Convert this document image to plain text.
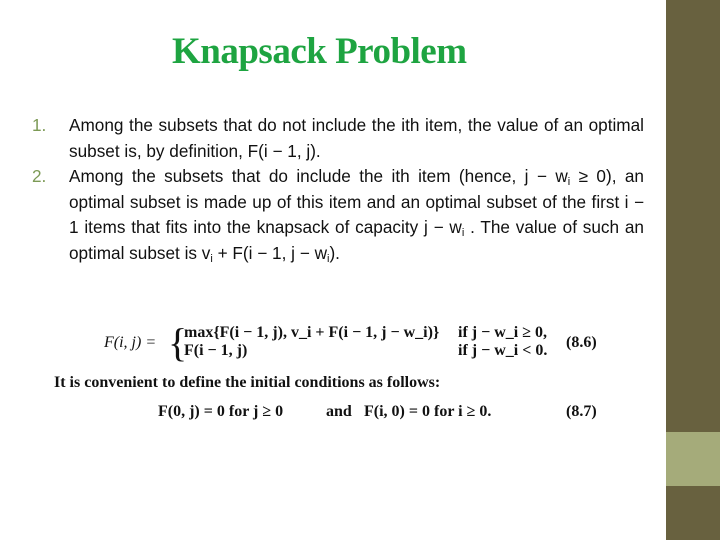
Knapsack Problem
1. Among the subsets that do not include the ith item, the value of an optimal subset is, by definition, F(i − 1, j).
2. Among the subsets that do include the ith item (hence, $j - w_i \ge 0$), an optimal subset is made up of this item and an optimal subset of the first i − 1 items that fits into the knapsack of capacity $j - w_i$ . The value of such an optimal subset is $v_i + F(i - 1$, $j - w_i$).
F(i, j) = {
max{F(i − 1, j), v_i + F(i − 1, j − w_i)} if j − w_i ≥ 0,
F(i − 1, j)	if j − w_i < 0. (8.6)
It is convenient to define the initial conditions as follows:
F(0, j) = 0 for j ≥ 0	and F(i, 0) = 0 for i ≥ 0.	(8.7)
